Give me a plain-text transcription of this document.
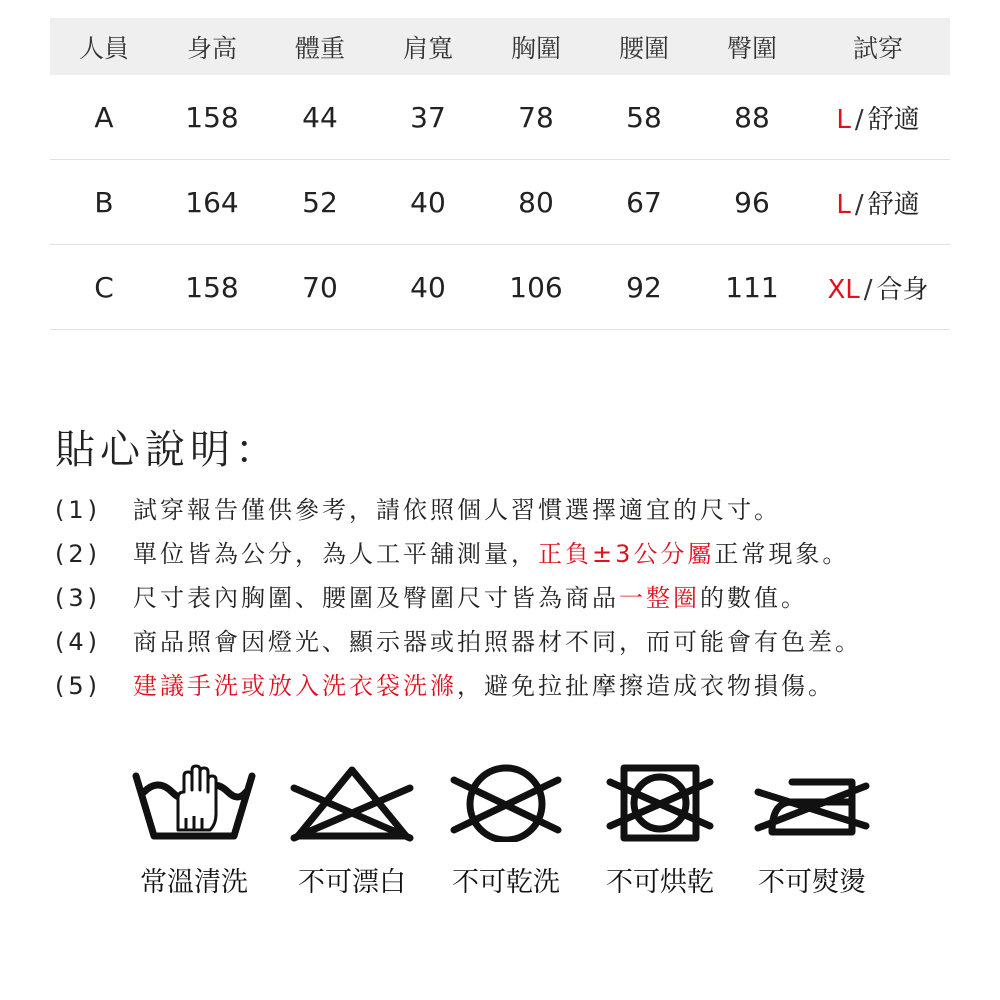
人員	身高	體重	肩寬	胸圍	腰圍	臀圍	試穿
A	158	44	37	78	58	88	L / 舒適
B	164	52	40	80	67	96	L / 舒適
C	158	70	40	106	92	111	XL / 合身
貼心說明：
(1) 試穿報告僅供參考，請依照個人習慣選擇適宜的尺寸。
(2) 單位皆為公分，為人工平舖測量，正負±3公分屬正常現象。
(3) 尺寸表內胸圍、腰圍及臀圍尺寸皆為商品一整圈的數值。
(4) 商品照會因燈光、顯示器或拍照器材不同，而可能會有色差。
(5) 建議手洗或放入洗衣袋洗滌，避免拉扯摩擦造成衣物損傷。
常溫清洗	不可漂白	不可乾洗	不可烘乾	不可熨燙
